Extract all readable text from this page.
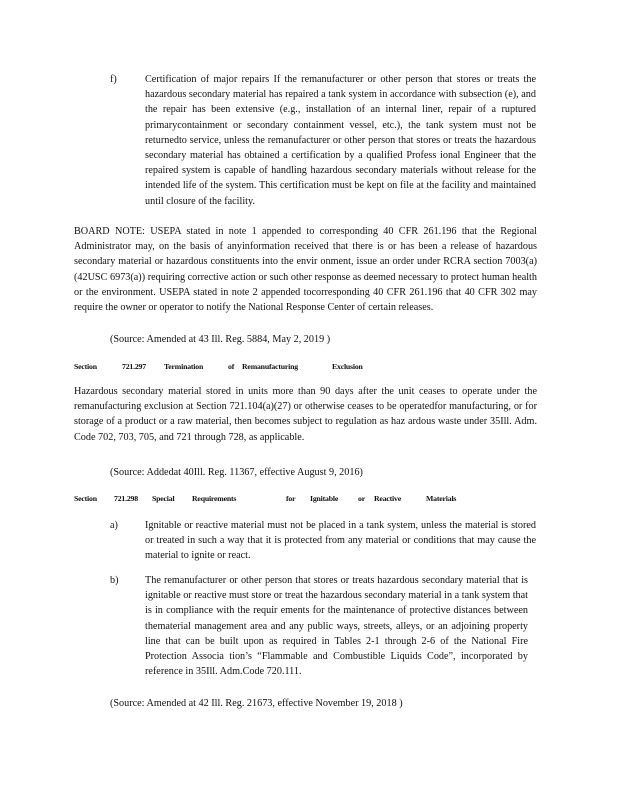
f)	Certification of major repairs If the remanufacturer or other person that stores or treats the hazardous secondary material has repaired a tank system in accordance with subsection (e), and the repair has been extensive (e.g., installation of an internal liner, repair of a ruptured primarycontainment or secondary containment vessel, etc.), the tank system must not be returnedto service, unless the remanufacturer or other person that stores or treats the hazardous secondary material has obtained a certification by a qualified Profess ional Engineer that the repaired system is capable of handling hazardous secondary materials without release for the intended life of the system. This certification must be kept on file at the facility and maintained until closure of the facility.
BOARD NOTE: USEPA stated in note 1 appended to corresponding 40 CFR 261.196 that the Regional Administrator may, on the basis of anyinformation received that there is or has been a release of hazardous secondary material or hazardous constituents into the envir onment, issue an order under RCRA section 7003(a) (42USC 6973(a)) requiring corrective action or such other response as deemed necessary to protect human health or the environment. USEPA stated in note 2 appended tocorresponding 40 CFR 261.196 that 40 CFR 302 may require the owner or operator to notify the National Response Center of certain releases.
(Source: Amended at 43 Ill. Reg. 5884, May 2, 2019 )
Section	721.297 Termination	of Remanufacturing	Exclusion
Hazardous secondary material stored in units more than 90 days after the unit ceases to operate under the remanufacturing exclusion at Section 721.104(a)(27) or otherwise ceases to be operatedfor manufacturing, or for storage of a product or a raw material, then becomes subject to regulation as haz ardous waste under 35Ill. Adm. Code 702, 703, 705, and 721 through 728, as applicable.
(Source: Addedat 40Ill. Reg. 11367, effective August 9, 2016)
Section 721.298 Special Requirements	for Ignitable	or Reactive	Materials
a)	Ignitable or reactive material must not be placed in a tank system, unless the material is stored or treated in such a way that it is protected from any material or conditions that may cause the material to ignite or react.
b)	The remanufacturer or other person that stores or treats hazardous secondary material that is ignitable or reactive must store or treat the hazardous secondary material in a tank system that is in compliance with the requir ements for the maintenance of protective distances between thematerial management area and any public ways, streets, alleys, or an adjoining property line that can be built upon as required in Tables 2-1 through 2-6 of the National Fire Protection Associa tion’s “Flammable and Combustible Liquids Code”, incorporated by reference in 35Ill. Adm.Code 720.111.
(Source: Amended at 42 Ill. Reg. 21673, effective November 19, 2018 )
